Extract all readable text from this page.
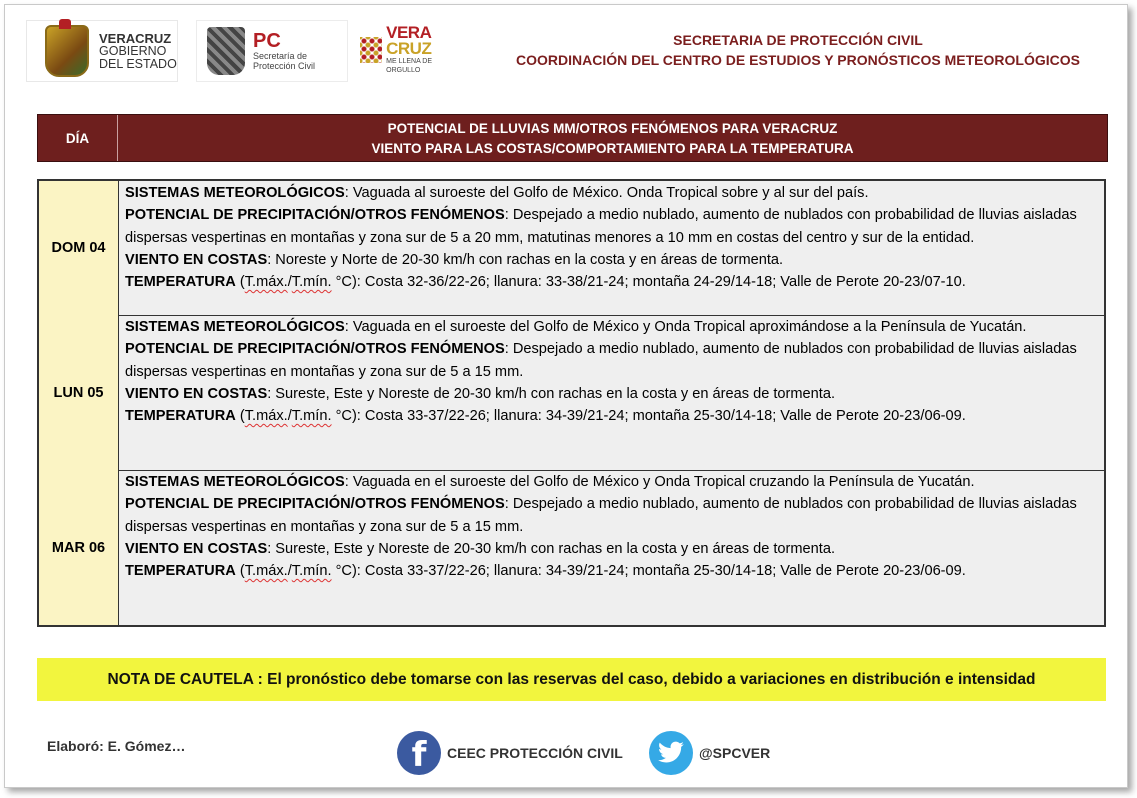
VERACRUZ
GOBIERNO
DEL ESTADO
PC
Secretaría de
Protección Civil
VERA
CRUZ
ME LLENA DE ORGULLO
SECRETARIA DE PROTECCIÓN CIVIL
COORDINACIÓN DEL CENTRO DE ESTUDIOS Y PRONÓSTICOS METEOROLÓGICOS
DÍA
POTENCIAL DE LLUVIAS MM/OTROS FENÓMENOS PARA VERACRUZ
VIENTO PARA LAS COSTAS/COMPORTAMIENTO PARA LA TEMPERATURA
DOM 04
SISTEMAS METEOROLÓGICOS: Vaguada al suroeste del Golfo de México. Onda Tropical sobre y al sur del país.
POTENCIAL DE PRECIPITACIÓN/OTROS FENÓMENOS: Despejado a medio nublado, aumento de nublados con probabilidad de lluvias aisladas dispersas vespertinas en montañas y zona sur de 5 a 20 mm, matutinas menores a 10 mm en costas del centro y sur de la entidad.
VIENTO EN COSTAS: Noreste y Norte de 20-30 km/h con rachas en la costa y en áreas de tormenta.
TEMPERATURA (T.máx./T.mín. °C): Costa 32-36/22-26; llanura: 33-38/21-24; montaña 24-29/14-18; Valle de Perote 20-23/07-10.
LUN 05
SISTEMAS METEOROLÓGICOS: Vaguada en el suroeste del Golfo de México y Onda Tropical aproximándose a la Península de Yucatán.
POTENCIAL DE PRECIPITACIÓN/OTROS FENÓMENOS: Despejado a medio nublado, aumento de nublados con probabilidad de lluvias aisladas dispersas vespertinas en montañas y zona sur de 5 a 15 mm.
VIENTO EN COSTAS: Sureste, Este y Noreste de 20-30 km/h con rachas en la costa y en áreas de tormenta.
TEMPERATURA (T.máx./T.mín. °C): Costa 33-37/22-26; llanura: 34-39/21-24; montaña 25-30/14-18; Valle de Perote 20-23/06-09.
MAR 06
SISTEMAS METEOROLÓGICOS: Vaguada en el suroeste del Golfo de México y Onda Tropical cruzando la Península de Yucatán.
POTENCIAL DE PRECIPITACIÓN/OTROS FENÓMENOS: Despejado a medio nublado, aumento de nublados con probabilidad de lluvias aisladas dispersas vespertinas en montañas y zona sur de 5 a 15 mm.
VIENTO EN COSTAS: Sureste, Este y Noreste de 20-30 km/h con rachas en la costa y en áreas de tormenta.
TEMPERATURA (T.máx./T.mín. °C): Costa 33-37/22-26; llanura: 34-39/21-24; montaña 25-30/14-18; Valle de Perote 20-23/06-09.
NOTA DE CAUTELA : El pronóstico debe tomarse con las reservas del caso, debido a variaciones en distribución e intensidad
Elaboró: E. Gómez…	f	CEEC PROTECCIÓN CIVIL	@SPCVER
